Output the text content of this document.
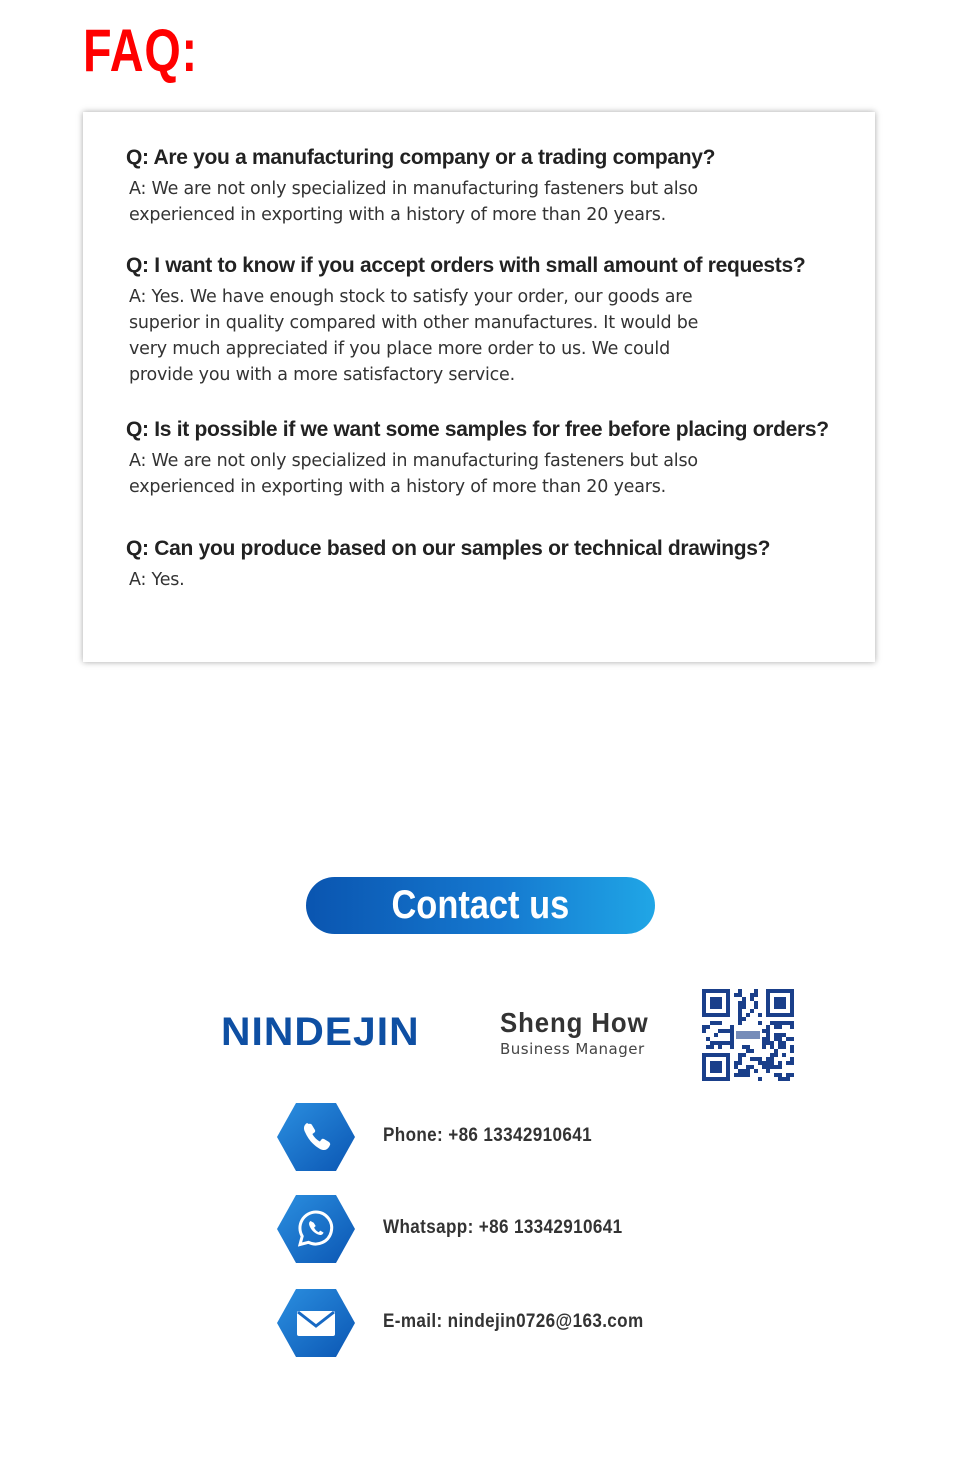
FAQ:
Q: Are you a manufacturing company or a trading company?

A: We are not only specialized in manufacturing fasteners but also

experienced in exporting with a history of more than 20 years.

Q: I want to know if you accept orders with small amount of requests?

A: Yes. We have enough stock to satisfy your order, our goods are

superior in quality compared with other manufactures. It would be

very much appreciated if you place more order to us. We could

provide you with a more satisfactory service.

Q: Is it possible if we want some samples for free before placing orders?

A: We are not only specialized in manufacturing fasteners but also

experienced in exporting with a history of more than 20 years.

Q: Can you produce based on our samples or technical drawings?

A: Yes.

Contact us
NINDEJIN	Sheng How
Business Manager
Phone: +86 13342910641
Whatsapp: +86 13342910641
E-mail: nindejin0726@163.com
